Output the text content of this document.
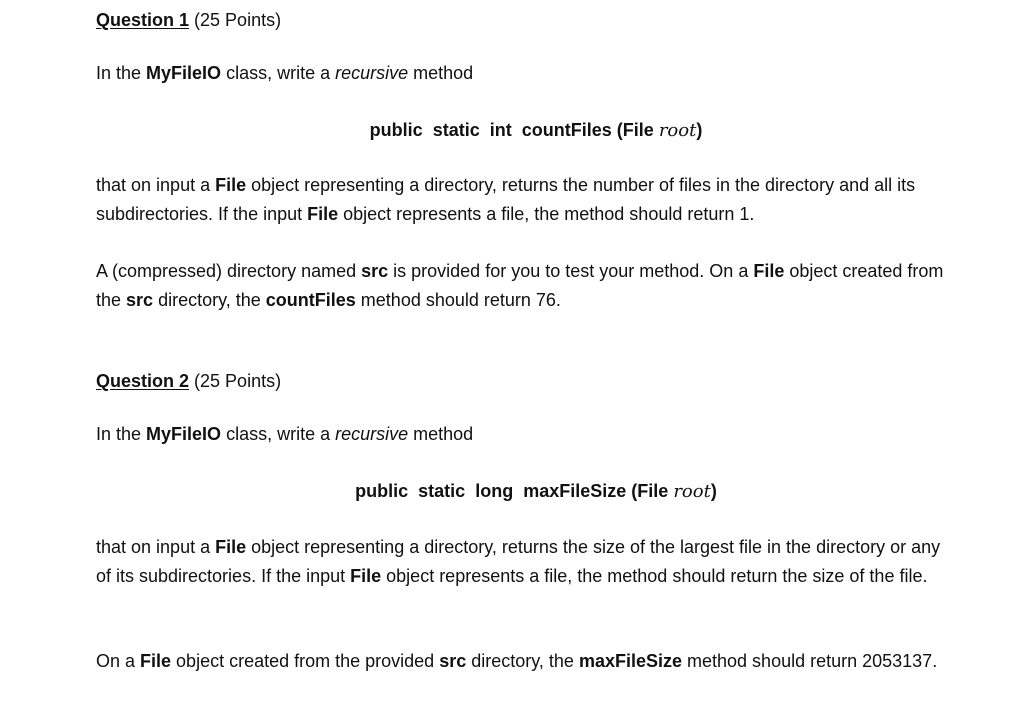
Question 1 (25 Points)
In the MyFileIO class, write a recursive method
public static int countFiles (File root)
that on input a File object representing a directory, returns the number of files in the directory and all its subdirectories. If the input File object represents a file, the method should return 1.
A (compressed) directory named src is provided for you to test your method. On a File object created from the src directory, the countFiles method should return 76.
Question 2 (25 Points)
In the MyFileIO class, write a recursive method
public static long maxFileSize (File root)
that on input a File object representing a directory, returns the size of the largest file in the directory or any of its subdirectories. If the input File object represents a file, the method should return the size of the file.
On a File object created from the provided src directory, the maxFileSize method should return 2053137.
